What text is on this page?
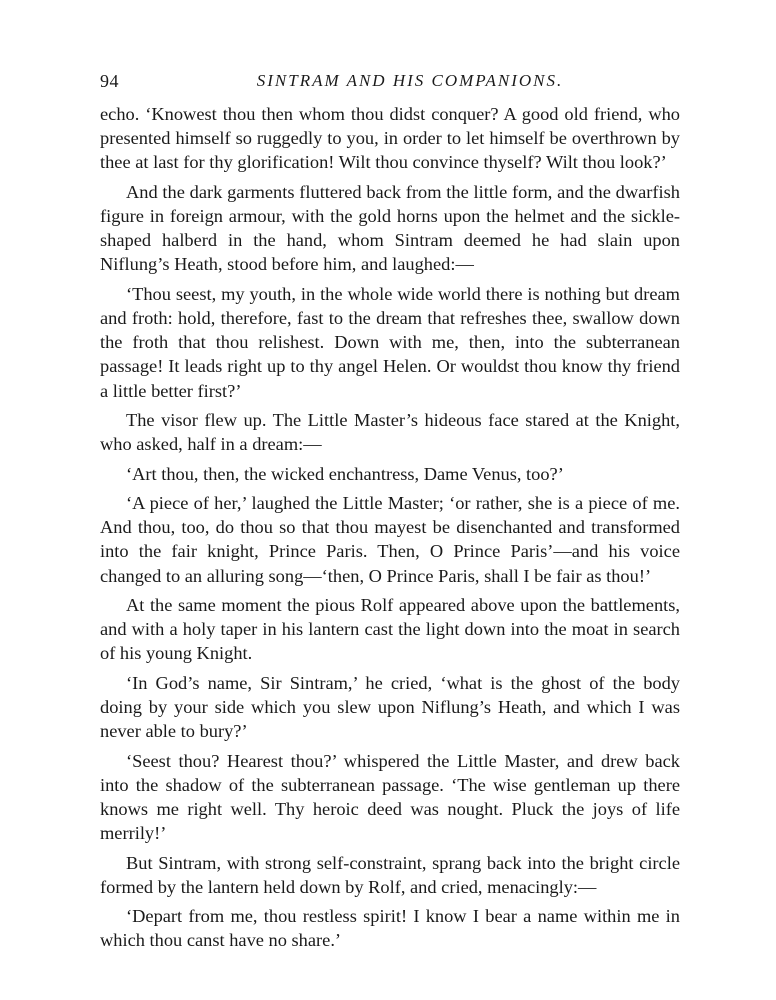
94	SINTRAM AND HIS COMPANIONS.

echo. ‘Knowest thou then whom thou didst conquer? A good old friend, who presented himself so ruggedly to you, in order to let himself be overthrown by thee at last for thy glorification! Wilt thou convince thyself? Wilt thou look?’

And the dark garments fluttered back from the little form, and the dwarfish figure in foreign armour, with the gold horns upon the helmet and the sickle-shaped halberd in the hand, whom Sintram deemed he had slain upon Niflung’s Heath, stood before him, and laughed:—

‘Thou seest, my youth, in the whole wide world there is nothing but dream and froth: hold, therefore, fast to the dream that refreshes thee, swallow down the froth that thou relishest. Down with me, then, into the subterranean passage! It leads right up to thy angel Helen. Or wouldst thou know thy friend a little better first?’

The visor flew up. The Little Master’s hideous face stared at the Knight, who asked, half in a dream:—

‘Art thou, then, the wicked enchantress, Dame Venus, too?’

‘A piece of her,’ laughed the Little Master; ‘or rather, she is a piece of me. And thou, too, do thou so that thou mayest be disenchanted and transformed into the fair knight, Prince Paris. Then, O Prince Paris’—and his voice changed to an alluring song—‘then, O Prince Paris, shall I be fair as thou!’

At the same moment the pious Rolf appeared above upon the battlements, and with a holy taper in his lantern cast the light down into the moat in search of his young Knight.

‘In God’s name, Sir Sintram,’ he cried, ‘what is the ghost of the body doing by your side which you slew upon Niflung’s Heath, and which I was never able to bury?’

‘Seest thou? Hearest thou?’ whispered the Little Master, and drew back into the shadow of the subterranean passage. ‘The wise gentleman up there knows me right well. Thy heroic deed was nought. Pluck the joys of life merrily!’

But Sintram, with strong self-constraint, sprang back into the bright circle formed by the lantern held down by Rolf, and cried, menacingly:—

‘Depart from me, thou restless spirit! I know I bear a name within me in which thou canst have no share.’
